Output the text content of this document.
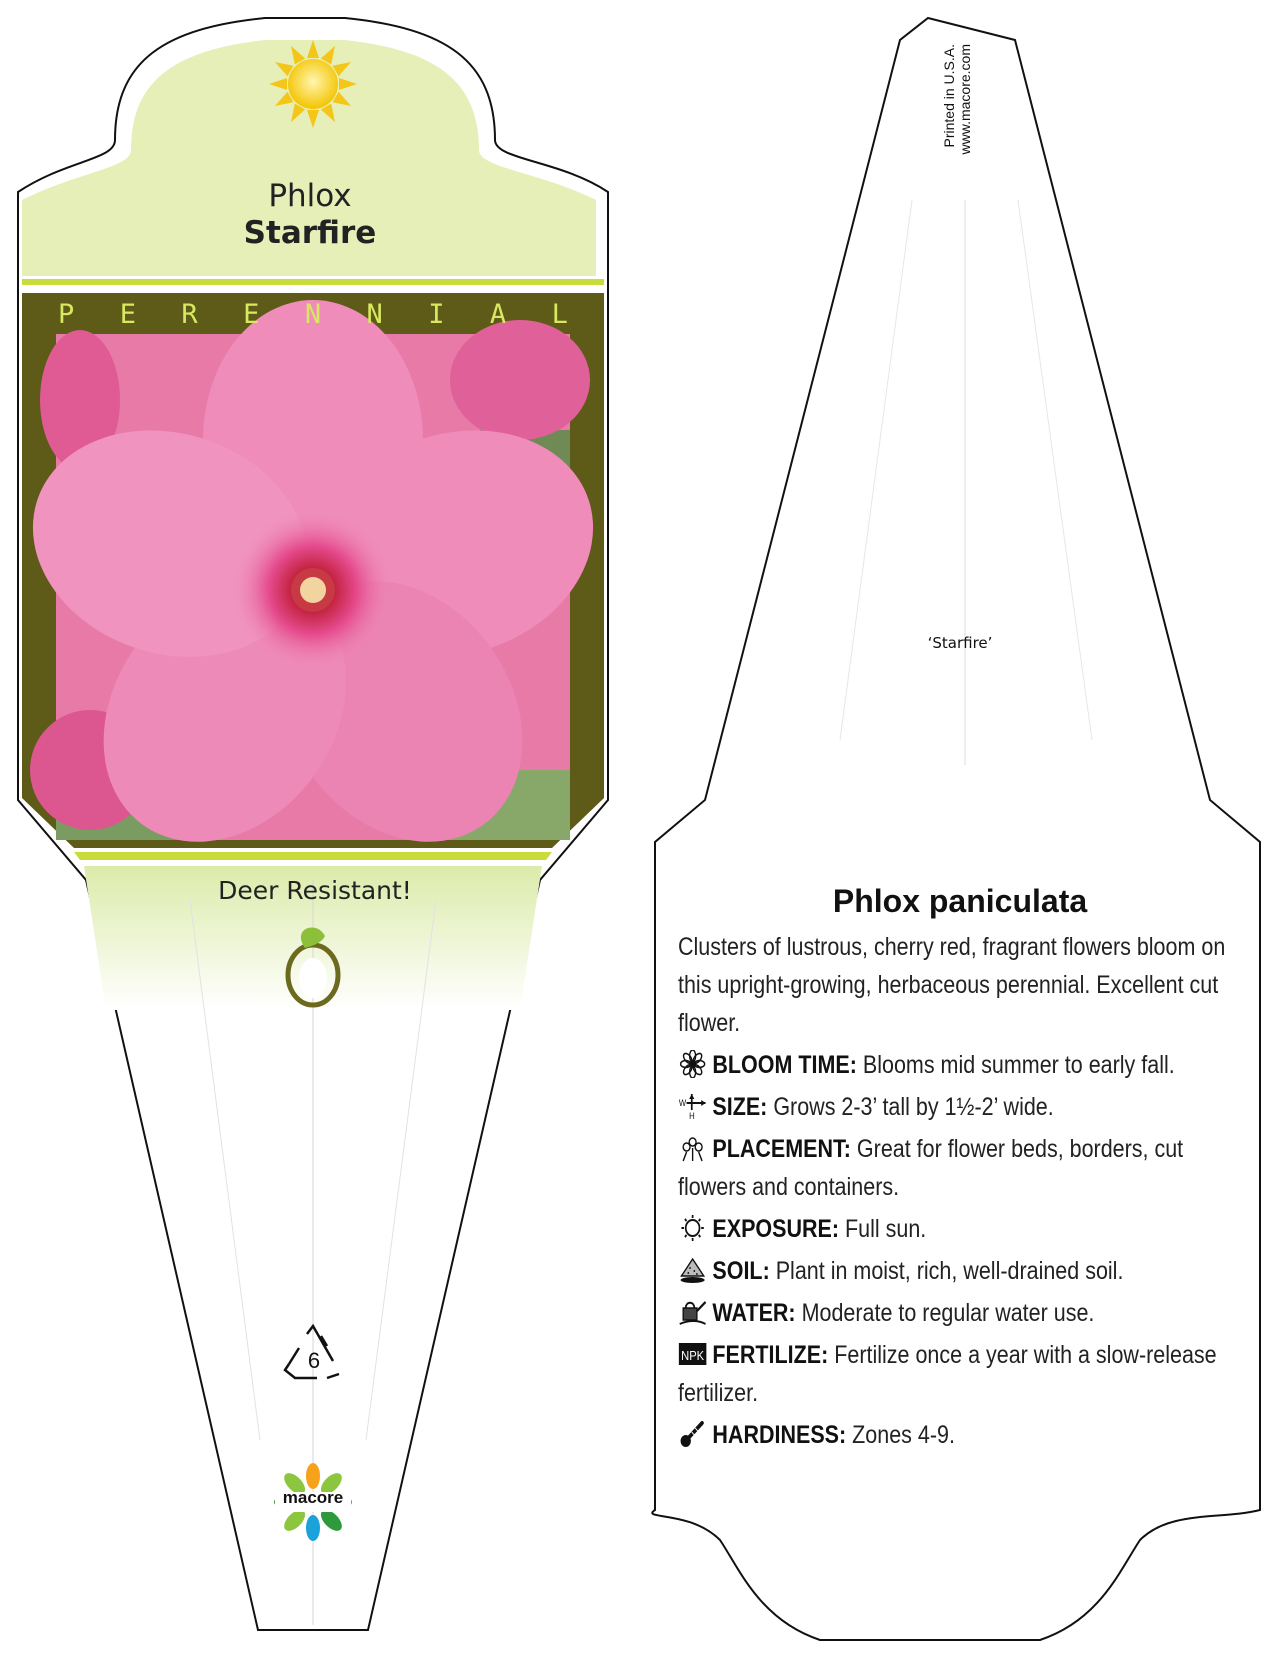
Phlox
Starfire
P E R E N N I A L
Deer Resistant!
6
macore
Printed in U.S.A. www.macore.com
‘Starfire’
Phlox paniculata
Clusters of lustrous, cherry red, fragrant flowers bloom on this upright-growing, herbaceous perennial. Excellent cut flower.
BLOOM TIME: Blooms mid summer to early fall.
W
H SIZE: Grows 2-3’ tall by 1½-2’ wide.
PLACEMENT: Great for flower beds, borders, cut flowers and containers.
EXPOSURE: Full sun.
SOIL: Plant in moist, rich, well-drained soil.
WATER: Moderate to regular water use.
NPK FERTILIZE: Fertilize once a year with a slow-release fertilizer.
HARDINESS: Zones 4-9.
